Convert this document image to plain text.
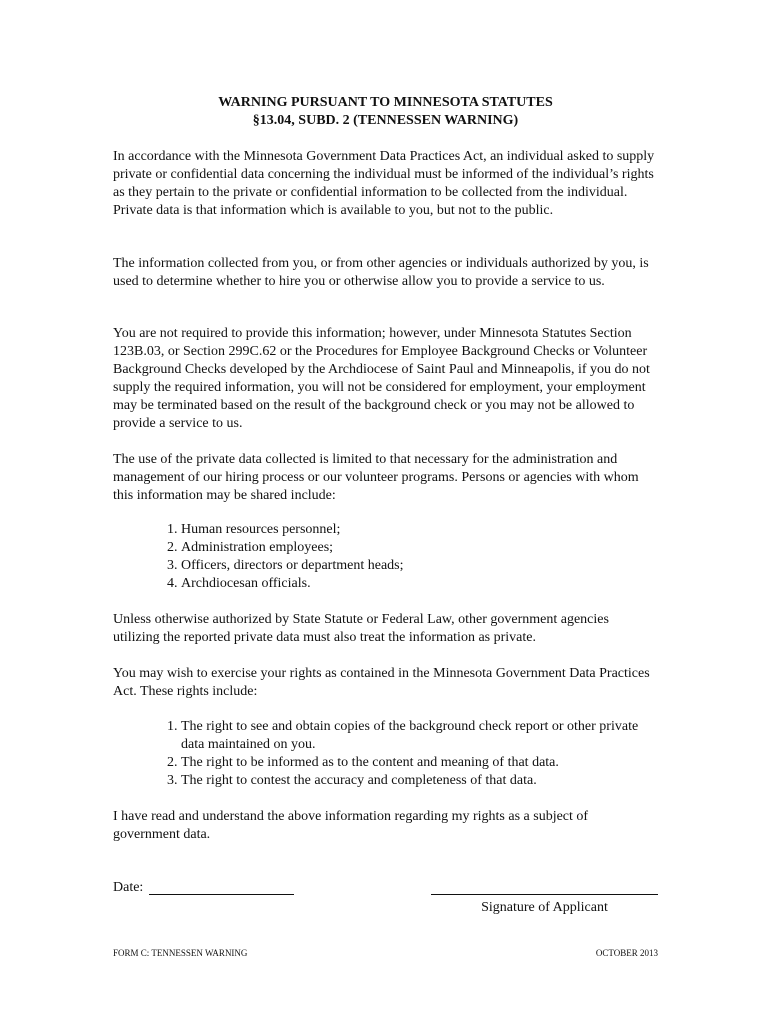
WARNING PURSUANT TO MINNESOTA STATUTES
§13.04, SUBD. 2 (TENNESSEN WARNING)

In accordance with the Minnesota Government Data Practices Act, an individual asked to supply private or confidential data concerning the individual must be informed of the individual’s rights as they pertain to the private or confidential information to be collected from the individual. Private data is that information which is available to you, but not to the public.

The information collected from you, or from other agencies or individuals authorized by you, is used to determine whether to hire you or otherwise allow you to provide a service to us.

You are not required to provide this information; however, under Minnesota Statutes Section 123B.03, or Section 299C.62 or the Procedures for Employee Background Checks or Volunteer Background Checks developed by the Archdiocese of Saint Paul and Minneapolis, if you do not supply the required information, you will not be considered for employment, your employment may be terminated based on the result of the background check or you may not be allowed to provide a service to us.

The use of the private data collected is limited to that necessary for the administration and management of our hiring process or our volunteer programs. Persons or agencies with whom this information may be shared include:

1. Human resources personnel;
2. Administration employees;
3. Officers, directors or department heads;
4. Archdiocesan officials.

Unless otherwise authorized by State Statute or Federal Law, other government agencies utilizing the reported private data must also treat the information as private.

You may wish to exercise your rights as contained in the Minnesota Government Data Practices Act. These rights include:

1. The right to see and obtain copies of the background check report or other private data maintained on you.
2. The right to be informed as to the content and meaning of that data.
3. The right to contest the accuracy and completeness of that data.

I have read and understand the above information regarding my rights as a subject of government data.

Date:
Signature of Applicant
FORM C: TENNESSEN WARNING	OCTOBER 2013
